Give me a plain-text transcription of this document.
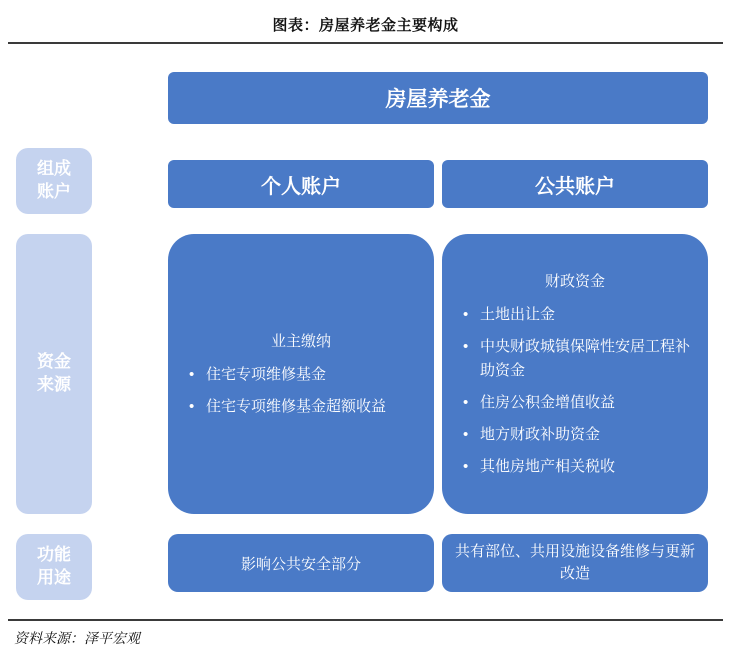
图表：房屋养老金主要构成
组成
账户
资金
来源
功能
用途
房屋养老金
个人账户	公共账户
业主缴纳
• 住宅专项维修基金
• 住宅专项维修基金超额收益
财政资金
• 土地出让金
• 中央财政城镇保障性安居工程补助资金
• 住房公积金增值收益
• 地方财政补助资金
• 其他房地产相关税收
影响公共安全部分
共有部位、共用设施设备维修与更新改造
资料来源：泽平宏观
